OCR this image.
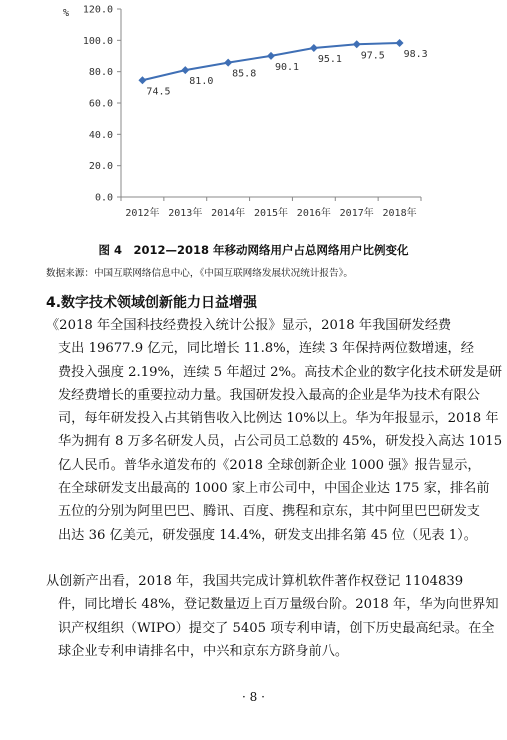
%
0.0
20.0
40.0
60.0
80.0
100.0
120.0
2012年 2013年 2014年 2015年 2016年 2017年 2018年
74.5
81.0
85.8
90.1
95.1 97.5 98.3
图 4　2012—2018 年移动网络用户占总网络用户比例变化
数据来源：中国互联网络信息中心，《中国互联网络发展状况统计报告》。
4.数字技术领域创新能力日益增强
《2018 年全国科技经费投入统计公报》显示，2018 年我国研发经费
支出 19677.9 亿元，同比增长 11.8%，连续 3 年保持两位数增速，经
费投入强度 2.19%，连续 5 年超过 2%。高技术企业的数字化技术研发是研
发经费增长的重要拉动力量。我国研发投入最高的企业是华为技术有限公
司，每年研发投入占其销售收入比例达 10%以上。华为年报显示，2018 年
华为拥有 8 万多名研发人员，占公司员工总数的 45%，研发投入高达 1015
亿人民币。普华永道发布的《2018 全球创新企业 1000 强》报告显示，
在全球研发支出最高的 1000 家上市公司中，中国企业达 175 家，排名前
五位的分别为阿里巴巴、腾讯、百度、携程和京东，其中阿里巴巴研发支
出达 36 亿美元，研发强度 14.4%，研发支出排名第 45 位（见表 1）。
从创新产出看，2018 年，我国共完成计算机软件著作权登记 1104839
件，同比增长 48%，登记数量迈上百万量级台阶。2018 年，华为向世界知
识产权组织（WIPO）提交了 5405 项专利申请，创下历史最高纪录。在全
球企业专利申请排名中，中兴和京东方跻身前八。
· 8 ·
